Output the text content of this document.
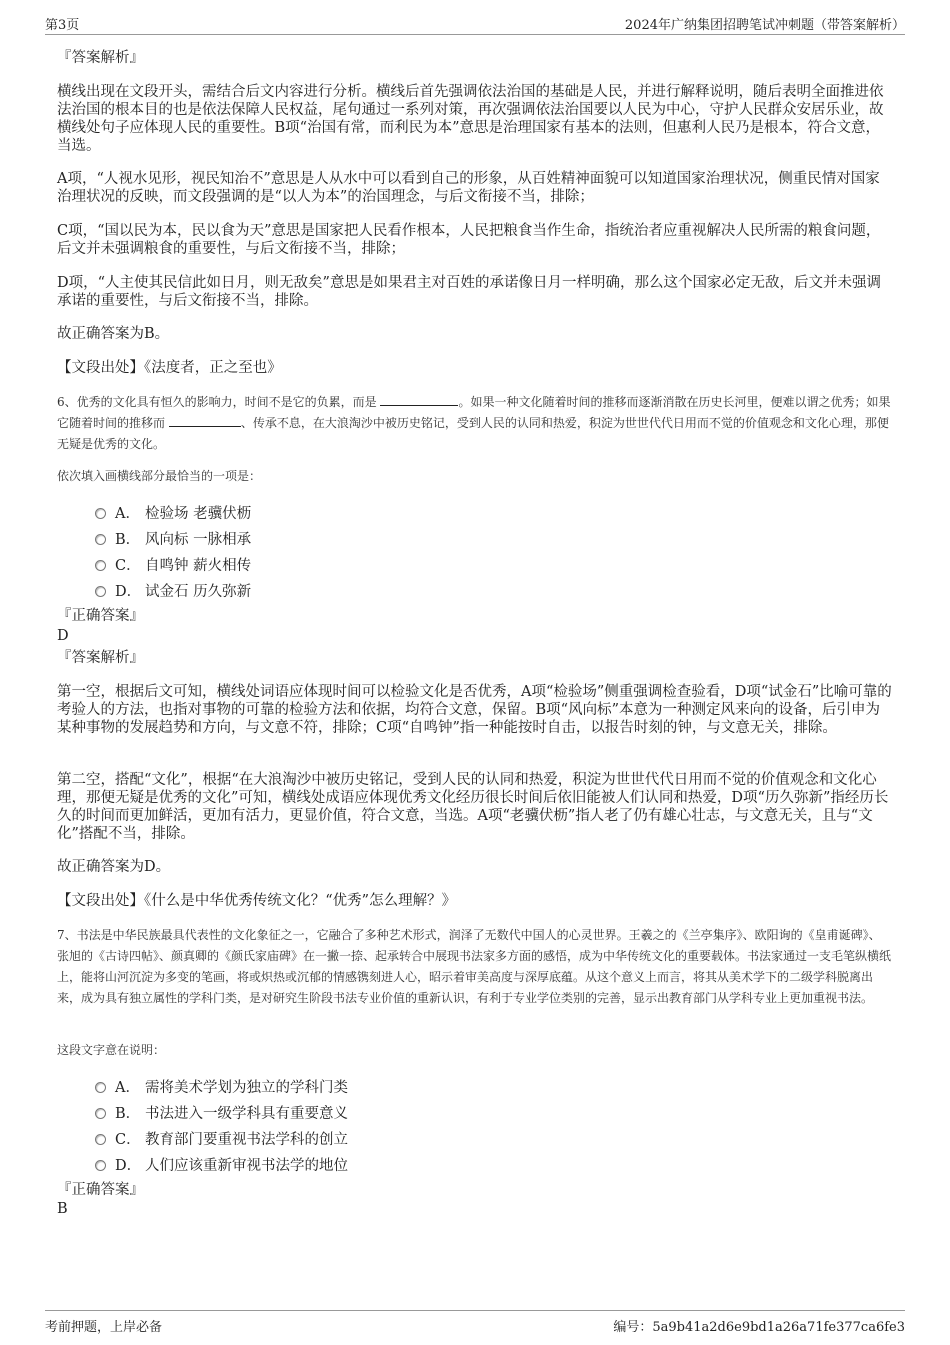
第3页	2024年广纳集团招聘笔试冲刺题（带答案解析）

『答案解析』

横线出现在文段开头，需结合后文内容进行分析。横线后首先强调依法治国的基础是人民，并进行解释说明，随后表明全面推进依法治国的根本目的也是依法保障人民权益，尾句通过一系列对策，再次强调依法治国要以人民为中心，守护人民群众安居乐业，故横线处句子应体现人民的重要性。B项“治国有常，而利民为本”意思是治理国家有基本的法则，但惠利人民乃是根本，符合文意，当选。

A项，“人视水见形，视民知治不”意思是人从水中可以看到自己的形象，从百姓精神面貌可以知道国家治理状况，侧重民情对国家治理状况的反映，而文段强调的是“以人为本”的治国理念，与后文衔接不当，排除；

C项，“国以民为本，民以食为天”意思是国家把人民看作根本，人民把粮食当作生命，指统治者应重视解决人民所需的粮食问题，后文并未强调粮食的重要性，与后文衔接不当，排除；

D项，“人主使其民信此如日月，则无敌矣”意思是如果君主对百姓的承诺像日月一样明确，那么这个国家必定无敌，后文并未强调承诺的重要性，与后文衔接不当，排除。

故正确答案为B。

【文段出处】《法度者，正之至也》

6、优秀的文化具有恒久的影响力，时间不是它的负累，而是	。如果一种文化随着时间的推移而逐渐消散在历史长河里，便难以谓之优秀；如果它随着时间的推移而	、传承不息，在大浪淘沙中被历史铭记，受到人民的认同和热爱，积淀为世世代代日用而不觉的价值观念和文化心理，那便无疑是优秀的文化。

依次填入画横线部分最恰当的一项是：

A． 检验场 老骥伏枥
B． 风向标 一脉相承
C． 自鸣钟 薪火相传
D． 试金石 历久弥新

『正确答案』

D

『答案解析』

第一空，根据后文可知，横线处词语应体现时间可以检验文化是否优秀，A项“检验场”侧重强调检查验看，D项“试金石”比喻可靠的考验人的方法，也指对事物的可靠的检验方法和依据，均符合文意，保留。B项“风向标”本意为一种测定风来向的设备，后引申为某种事物的发展趋势和方向，与文意不符，排除；C项“自鸣钟”指一种能按时自击，以报告时刻的钟，与文意无关，排除。

第二空，搭配“文化”，根据“在大浪淘沙中被历史铭记，受到人民的认同和热爱，积淀为世世代代日用而不觉的价值观念和文化心理，那便无疑是优秀的文化”可知，横线处成语应体现优秀文化经历很长时间后依旧能被人们认同和热爱，D项“历久弥新”指经历长久的时间而更加鲜活，更加有活力，更显价值，符合文意，当选。A项“老骥伏枥”指人老了仍有雄心壮志，与文意无关，且与“文化”搭配不当，排除。

故正确答案为D。

【文段出处】《什么是中华优秀传统文化？“优秀”怎么理解？》

7、书法是中华民族最具代表性的文化象征之一，它融合了多种艺术形式，润泽了无数代中国人的心灵世界。王羲之的《兰亭集序》、欧阳询的《皇甫诞碑》、张旭的《古诗四帖》、颜真卿的《颜氏家庙碑》在一撇一捺、起承转合中展现书法家多方面的感悟，成为中华传统文化的重要载体。书法家通过一支毛笔纵横纸上，能将山河沉淀为多变的笔画，将或炽热或沉郁的情感镌刻进人心，昭示着审美高度与深厚底蕴。从这个意义上而言，将其从美术学下的二级学科脱离出来，成为具有独立属性的学科门类，是对研究生阶段书法专业价值的重新认识，有利于专业学位类别的完善，显示出教育部门从学科专业上更加重视书法。

这段文字意在说明：

A． 需将美术学划为独立的学科门类
B． 书法进入一级学科具有重要意义
C． 教育部门要重视书法学科的创立
D． 人们应该重新审视书法学的地位

『正确答案』

B

考前押题，上岸必备	编号：5a9b41a2d6e9bd1a26a71fe377ca6fe3
